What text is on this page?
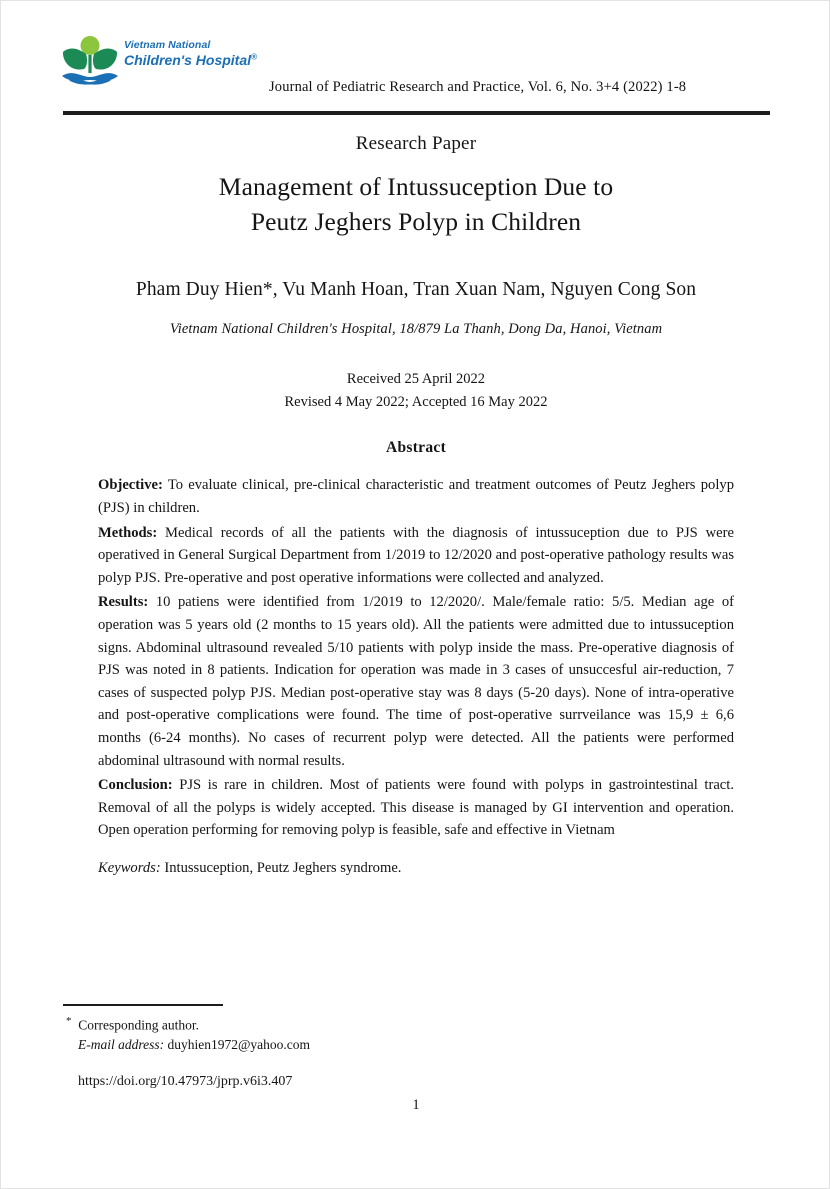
Vietnam National
Children's Hospital®
Journal of Pediatric Research and Practice, Vol. 6, No. 3+4 (2022) 1-8
Research Paper
Management of Intussuception Due to
Peutz Jeghers Polyp in Children
Pham Duy Hien*, Vu Manh Hoan, Tran Xuan Nam, Nguyen Cong Son
Vietnam National Children's Hospital, 18/879 La Thanh, Dong Da, Hanoi, Vietnam
Received 25 April 2022
Revised 4 May 2022; Accepted 16 May 2022
Abstract

Objective: To evaluate clinical, pre-clinical characteristic and treatment outcomes of Peutz Jeghers polyp (PJS) in children.

Methods: Medical records of all the patients with the diagnosis of intussuception due to PJS were operatived in General Surgical Department from 1/2019 to 12/2020 and post-operative pathology results was polyp PJS. Pre-operative and post operative informations were collected and analyzed.

Results: 10 patiens were identified from 1/2019 to 12/2020/. Male/female ratio: 5/5. Median age of operation was 5 years old (2 months to 15 years old). All the patients were admitted due to intussuception signs. Abdominal ultrasound revealed 5/10 patients with polyp inside the mass. Pre-operative diagnosis of PJS was noted in 8 patients. Indication for operation was made in 3 cases of unsuccesful air-reduction, 7 cases of suspected polyp PJS. Median post-operative stay was 8 days (5-20 days). None of intra-operative and post-operative complications were found. The time of post-operative surrveilance was 15,9 ± 6,6 months (6-24 months). No cases of recurrent polyp were detected. All the patients were performed abdominal ultrasound with normal results.

Conclusion: PJS is rare in children. Most of patients were found with polyps in gastrointestinal tract. Removal of all the polyps is widely accepted. This disease is managed by GI intervention and operation. Open operation performing for removing polyp is feasible, safe and effective in Vietnam

Keywords: Intussuception, Peutz Jeghers syndrome.
* Corresponding author.
E-mail address: duyhien1972@yahoo.com
https://doi.org/10.47973/jprp.v6i3.407
1
